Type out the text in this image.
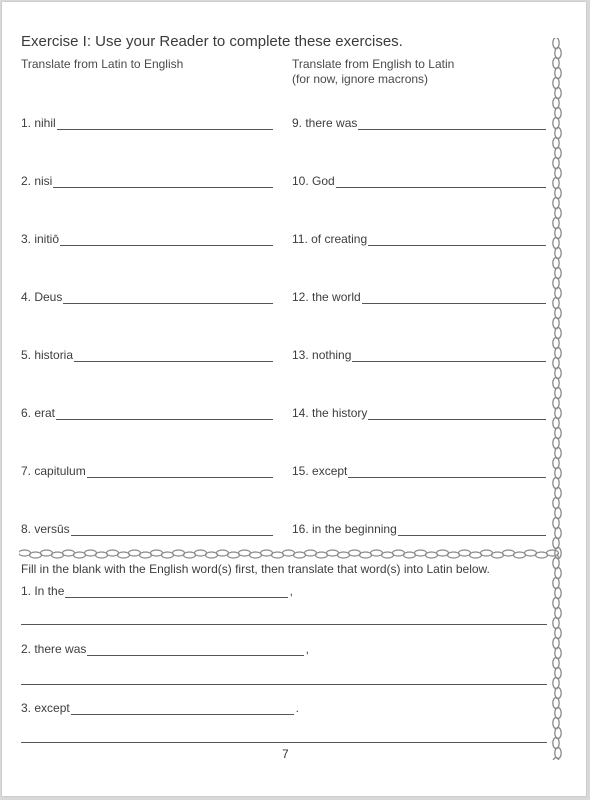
Exercise I: Use your Reader to complete these exercises.
Translate from Latin to English	Translate from English to Latin
(for now, ignore macrons)
1. nihil
2. nisi
3. initiō
4. Deus
5. historia
6. erat
7. capitulum
8. versūs
9. there was
10. God
11. of creating
12. the world
13. nothing
14. the history
15. except
16. in the beginning
Fill in the blank with the English word(s) first, then translate that word(s) into Latin below.
1. In the	,
2. there was	,
3. except	.
7
